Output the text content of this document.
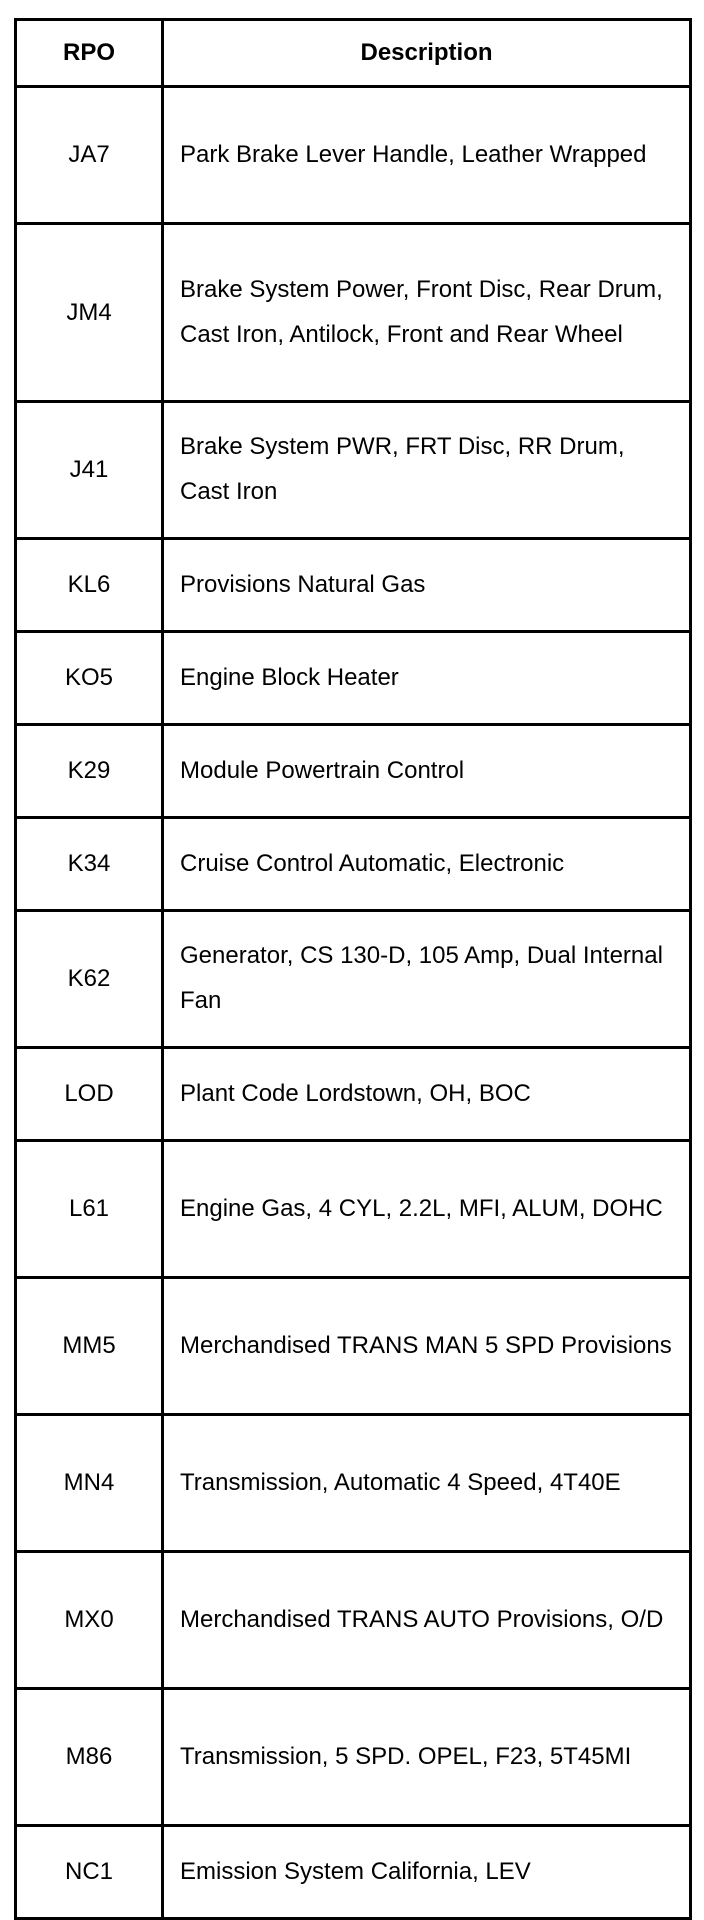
RPO	Description
JA7	Park Brake Lever Handle, Leather Wrapped
JM4	Brake System Power, Front Disc, Rear Drum, Cast Iron, Antilock, Front and Rear Wheel
J41	Brake System PWR, FRT Disc, RR Drum, Cast Iron
KL6	Provisions Natural Gas
KO5	Engine Block Heater
K29	Module Powertrain Control
K34	Cruise Control Automatic, Electronic
K62	Generator, CS 130-D, 105 Amp, Dual Internal Fan
LOD	Plant Code Lordstown, OH, BOC
L61	Engine Gas, 4 CYL, 2.2L, MFI, ALUM, DOHC
MM5	Merchandised TRANS MAN 5 SPD Provisions
MN4	Transmission, Automatic 4 Speed, 4T40E
MX0	Merchandised TRANS AUTO Provisions, O/D
M86	Transmission, 5 SPD. OPEL, F23, 5T45MI
NC1	Emission System California, LEV
